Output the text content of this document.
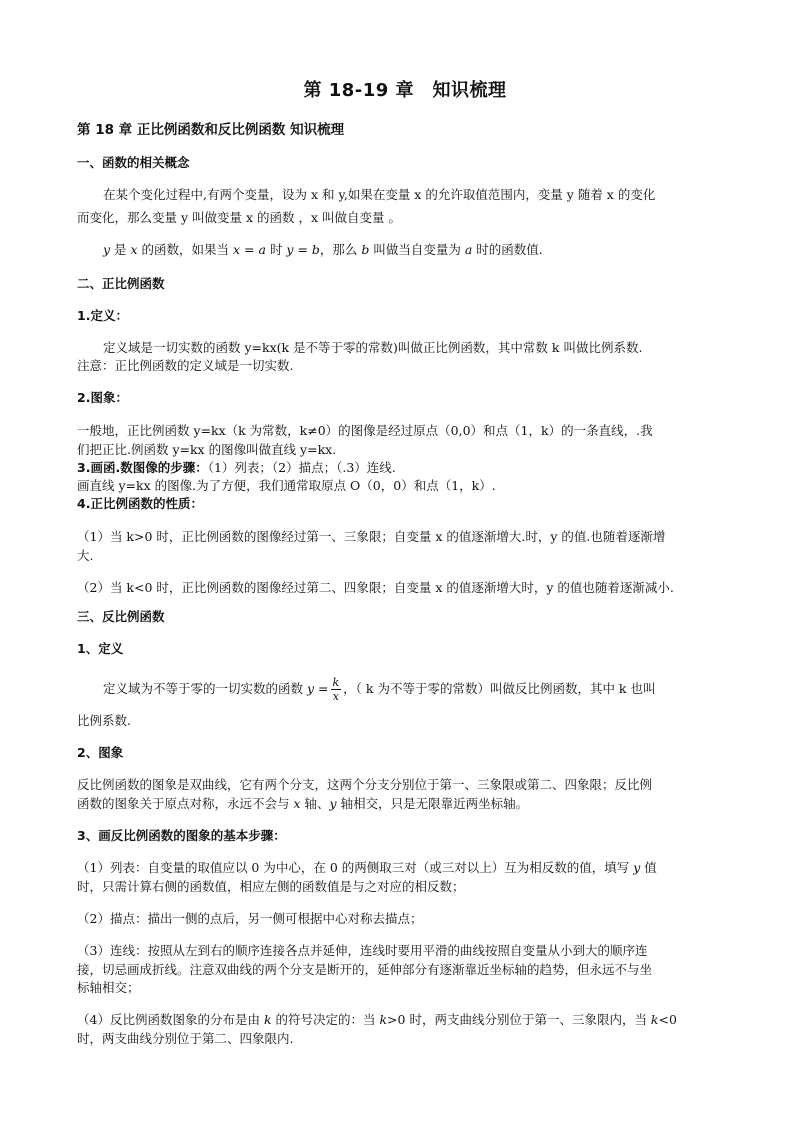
第 18-19 章　知识梳理
第 18 章 正比例函数和反比例函数 知识梳理
一、函数的相关概念
在某个变化过程中,有两个变量，设为 x 和 y,如果在变量 x 的允许取值范围内，变量 y 随着 x 的变化
而变化，那么变量 y 叫做变量 x 的函数 ，x 叫做自变量 。
y 是 x 的函数，如果当 x = a 时 y = b，那么 b 叫做当自变量为 a 时的函数值.
二、正比例函数
1.定义：
定义域是一切实数的函数 y=kx(k 是不等于零的常数)叫做正比例函数，其中常数 k 叫做比例系数.
注意：正比例函数的定义域是一切实数.
2.图象：
一般地，正比例函数 y=kx（k 为常数，k≠0）的图像是经过原点（0,0）和点（1，k）的一条直线，.我
们把正比.例函数 y=kx 的图像叫做直线 y=kx.
3.画函.数图像的步骤：（1）列表；（2）描点；（.3）连线.
画直线 y=kx 的图像.为了方便，我们通常取原点 O（0，0）和点（1，k）.
4.正比例函数的性质：
（1）当 k>0 时，正比例函数的图像经过第一、三象限；自变量 x 的值逐渐增大.时，y 的值.也随着逐渐增
大.
（2）当 k<0 时，正比例函数的图像经过第二、四象限；自变量 x 的值逐渐增大时，y 的值也随着逐渐减小.
三、反比例函数
1、定义
定义域为不等于零的一切实数的函数 $y = \frac{k}{x}$ ，（ k 为不等于零的常数）叫做反比例函数，其中 k 也叫
比例系数.
2、图象
反比例函数的图象是双曲线，它有两个分支，这两个分支分别位于第一、三象限或第二、四象限；反比例
函数的图象关于原点对称，永远不会与 x 轴、y 轴相交，只是无限靠近两坐标轴。
3、画反比例函数的图象的基本步骤：
（1）列表：自变量的取值应以 0 为中心，在 0 的两侧取三对（或三对以上）互为相反数的值，填写 y 值
时，只需计算右侧的函数值，相应左侧的函数值是与之对应的相反数；
（2）描点：描出一侧的点后，另一侧可根据中心对称去描点；
（3）连线：按照从左到右的顺序连接各点并延伸，连线时要用平滑的曲线按照自变量从小到大的顺序连
接，切忌画成折线。注意双曲线的两个分支是断开的，延伸部分有逐渐靠近坐标轴的趋势，但永远不与坐
标轴相交；
（4）反比例函数图象的分布是由 k 的符号决定的：当 k>0 时，两支曲线分别位于第一、三象限内，当 k<0
时，两支曲线分别位于第二、四象限内.
